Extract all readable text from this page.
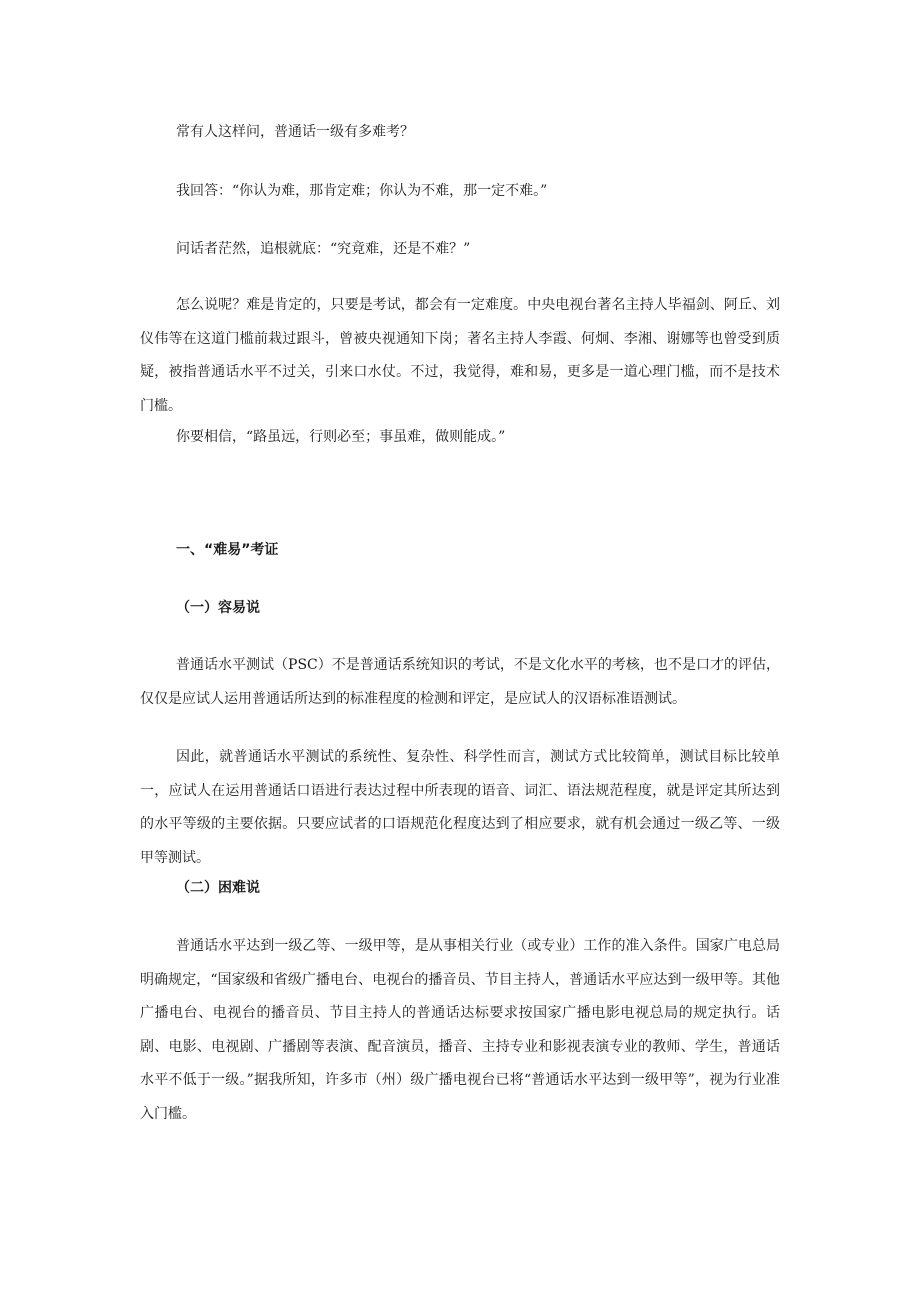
常有人这样问，普通话一级有多难考？

我回答：“你认为难，那肯定难；你认为不难，那一定不难。”

问话者茫然，追根就底：“究竟难，还是不难？”

怎么说呢？难是肯定的，只要是考试，都会有一定难度。中央电视台著名主持人毕福剑、阿丘、刘仪伟等在这道门槛前栽过跟斗，曾被央视通知下岗；著名主持人李霞、何炯、李湘、谢娜等也曾受到质疑，被指普通话水平不过关，引来口水仗。不过，我觉得，难和易，更多是一道心理门槛，而不是技术门槛。

你要相信，“路虽远，行则必至；事虽难，做则能成。”

一、“难易”考证
（一）容易说

普通话水平测试（PSC）不是普通话系统知识的考试，不是文化水平的考核，也不是口才的评估，仅仅是应试人运用普通话所达到的标准程度的检测和评定，是应试人的汉语标准语测试。

因此，就普通话水平测试的系统性、复杂性、科学性而言，测试方式比较简单，测试目标比较单一，应试人在运用普通话口语进行表达过程中所表现的语音、词汇、语法规范程度，就是评定其所达到的水平等级的主要依据。只要应试者的口语规范化程度达到了相应要求，就有机会通过一级乙等、一级甲等测试。

（二）困难说

普通话水平达到一级乙等、一级甲等，是从事相关行业（或专业）工作的准入条件。国家广电总局明确规定，“国家级和省级广播电台、电视台的播音员、节目主持人，普通话水平应达到一级甲等。其他广播电台、电视台的播音员、节目主持人的普通话达标要求按国家广播电影电视总局的规定执行。话剧、电影、电视剧、广播剧等表演、配音演员，播音、主持专业和影视表演专业的教师、学生，普通话水平不低于一级。”据我所知，许多市（州）级广播电视台已将“普通话水平达到一级甲等”，视为行业准入门槛。
